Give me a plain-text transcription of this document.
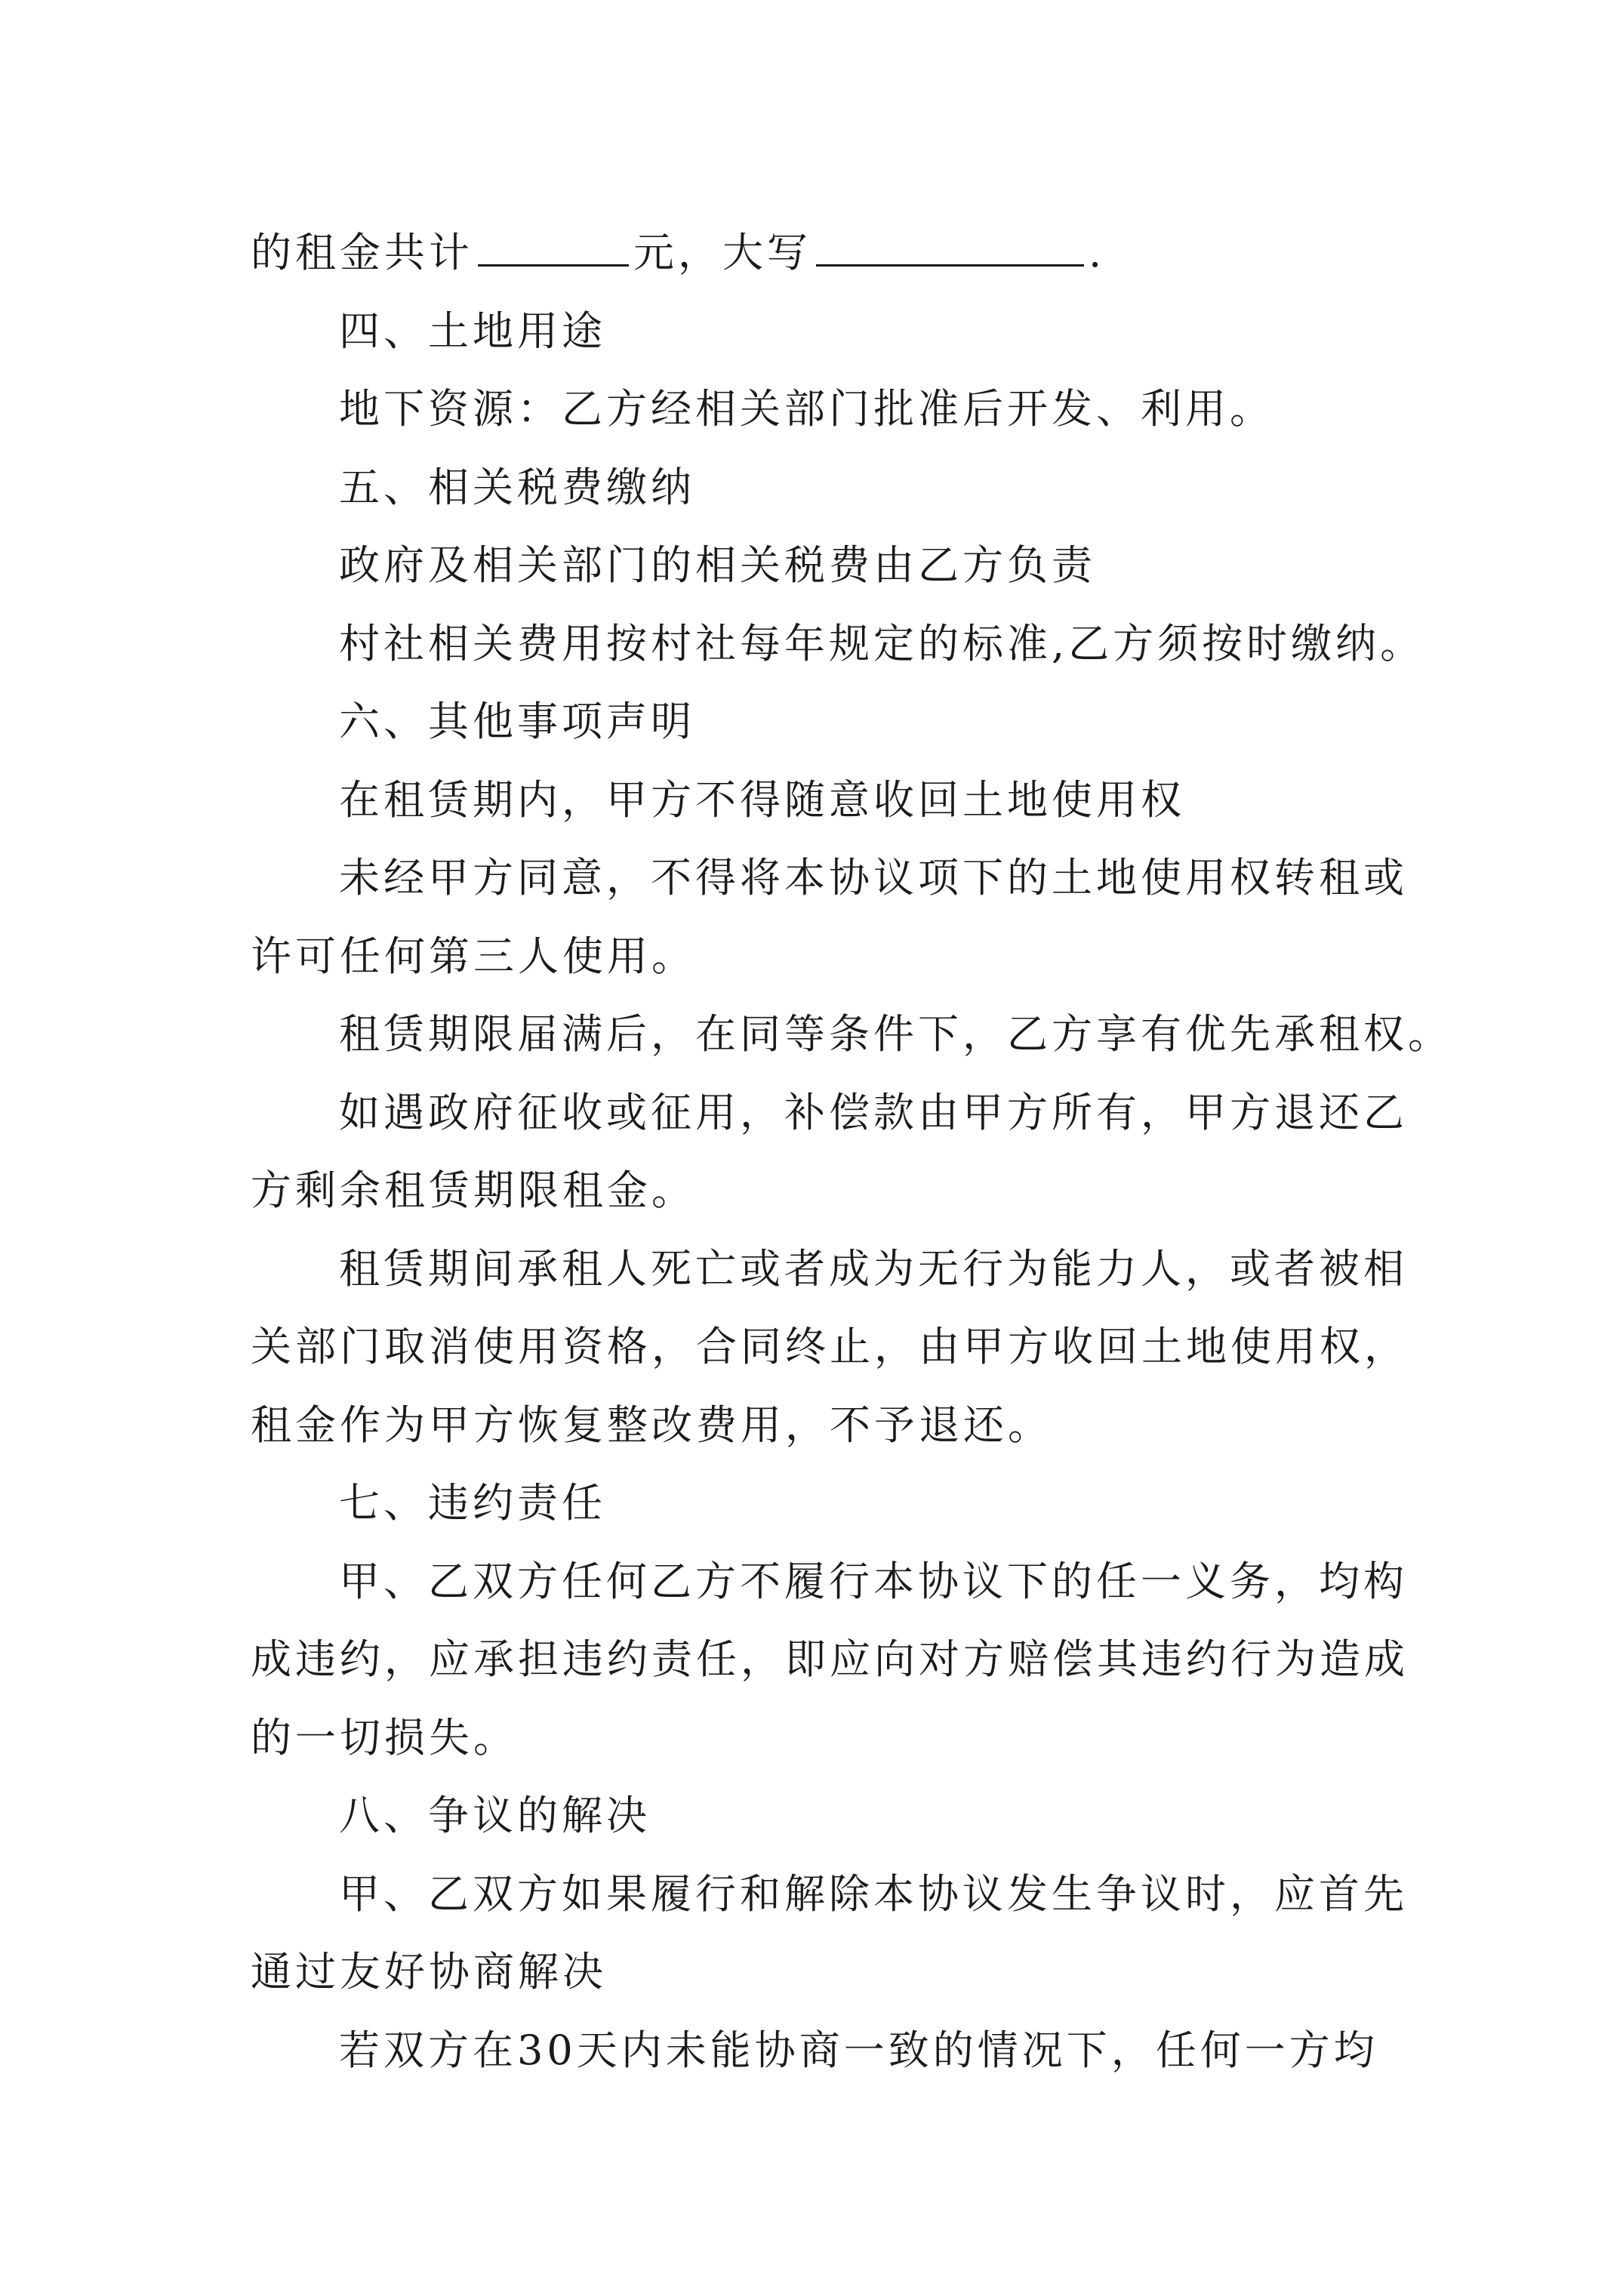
的租金共计	元，大写	.
四、土地用途
地下资源：乙方经相关部门批准后开发、利用。
五、相关税费缴纳
政府及相关部门的相关税费由乙方负责
村社相关费用按村社每年规定的标准,乙方须按时缴纳。
六、其他事项声明
在租赁期内，甲方不得随意收回土地使用权
未经甲方同意，不得将本协议项下的土地使用权转租或
许可任何第三人使用。
租赁期限届满后，在同等条件下，乙方享有优先承租权。
如遇政府征收或征用，补偿款由甲方所有，甲方退还乙
方剩余租赁期限租金。
租赁期间承租人死亡或者成为无行为能力人，或者被相
关部门取消使用资格，合同终止，由甲方收回土地使用权，
租金作为甲方恢复整改费用，不予退还。
七、违约责任
甲、乙双方任何乙方不履行本协议下的任一义务，均构
成违约，应承担违约责任，即应向对方赔偿其违约行为造成
的一切损失。
八、争议的解决
甲、乙双方如果履行和解除本协议发生争议时，应首先
通过友好协商解决
若双方在30天内未能协商一致的情况下，任何一方均
